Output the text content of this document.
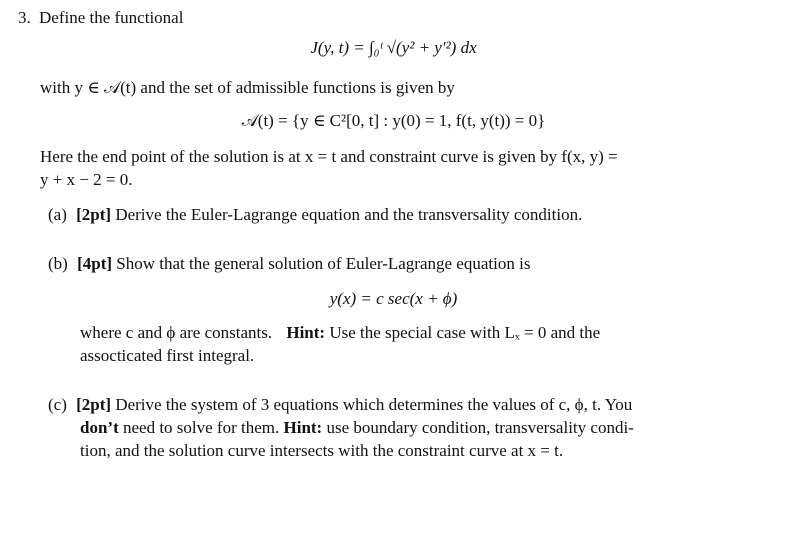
3. Define the functional
J(y, t) = ∫₀ᵗ √(y² + y′²) dx
with y ∈ 𝒜(t) and the set of admissible functions is given by
𝒜(t) = {y ∈ C²[0, t] : y(0) = 1, f(t, y(t)) = 0}
Here the end point of the solution is at x = t and constraint curve is given by f(x, y) =
y + x − 2 = 0.
(a) [2pt] Derive the Euler-Lagrange equation and the transversality condition.
(b) [4pt] Show that the general solution of Euler-Lagrange equation is
y(x) = c sec(x + ϕ)
where c and ϕ are constants. Hint: Use the special case with Lₓ = 0 and the
assocticated first integral.
(c) [2pt] Derive the system of 3 equations which determines the values of c, ϕ, t. You
don’t need to solve for them. Hint: use boundary condition, transversality condi-
tion, and the solution curve intersects with the constraint curve at x = t.
